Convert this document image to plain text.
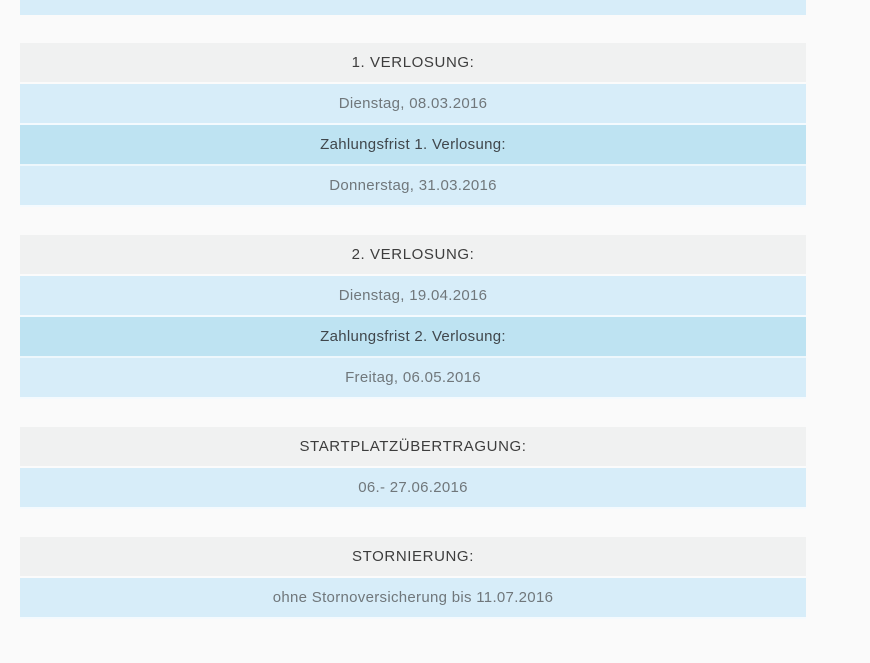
1. VERLOSUNG:
Dienstag, 08.03.2016
Zahlungsfrist 1. Verlosung:
Donnerstag, 31.03.2016
2. VERLOSUNG:
Dienstag, 19.04.2016
Zahlungsfrist 2. Verlosung:
Freitag, 06.05.2016
STARTPLATZÜBERTRAGUNG:
06.- 27.06.2016
STORNIERUNG:
ohne Stornoversicherung bis 11.07.2016
